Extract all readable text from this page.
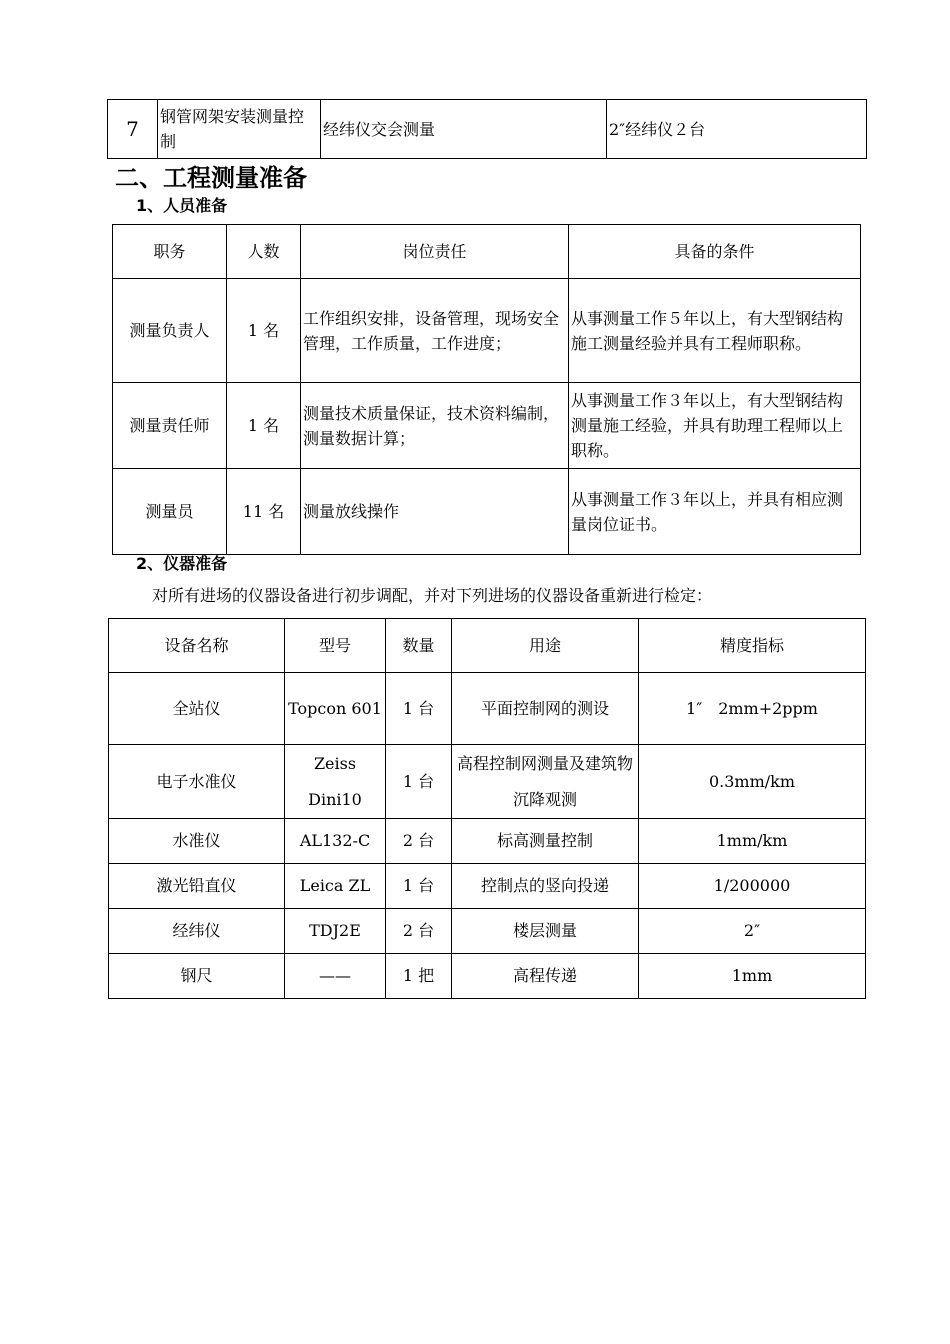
7	钢管网架安装测量控制	经纬仪交会测量	2″经纬仪２台
二、工程测量准备
1、人员准备
职务	人数	岗位责任	具备的条件
测量负责人	1 名	工作组织安排，设备管理，现场安全管理，工作质量，工作进度；	从事测量工作５年以上，有大型钢结构施工测量经验并具有工程师职称。
测量责任师	1 名	测量技术质量保证，技术资料编制，测量数据计算；	从事测量工作３年以上，有大型钢结构测量施工经验，并具有助理工程师以上职称。
测量员	11 名	测量放线操作	从事测量工作３年以上，并具有相应测量岗位证书。
2、仪器准备
对所有进场的仪器设备进行初步调配，并对下列进场的仪器设备重新进行检定：
设备名称	型号	数量	用途	精度指标
全站仪	Topcon 601	1 台	平面控制网的测设	1″　2mm+2ppm
电子水准仪	Zeiss Dini10	1 台	高程控制网测量及建筑物沉降观测	0.3mm/km
水准仪	AL132-C	2 台	标高测量控制	1mm/km
激光铅直仪	Leica ZL	1 台	控制点的竖向投递	1/200000
经纬仪	TDJ2E	2 台	楼层测量	2″
钢尺	——	1 把	高程传递	1mm
